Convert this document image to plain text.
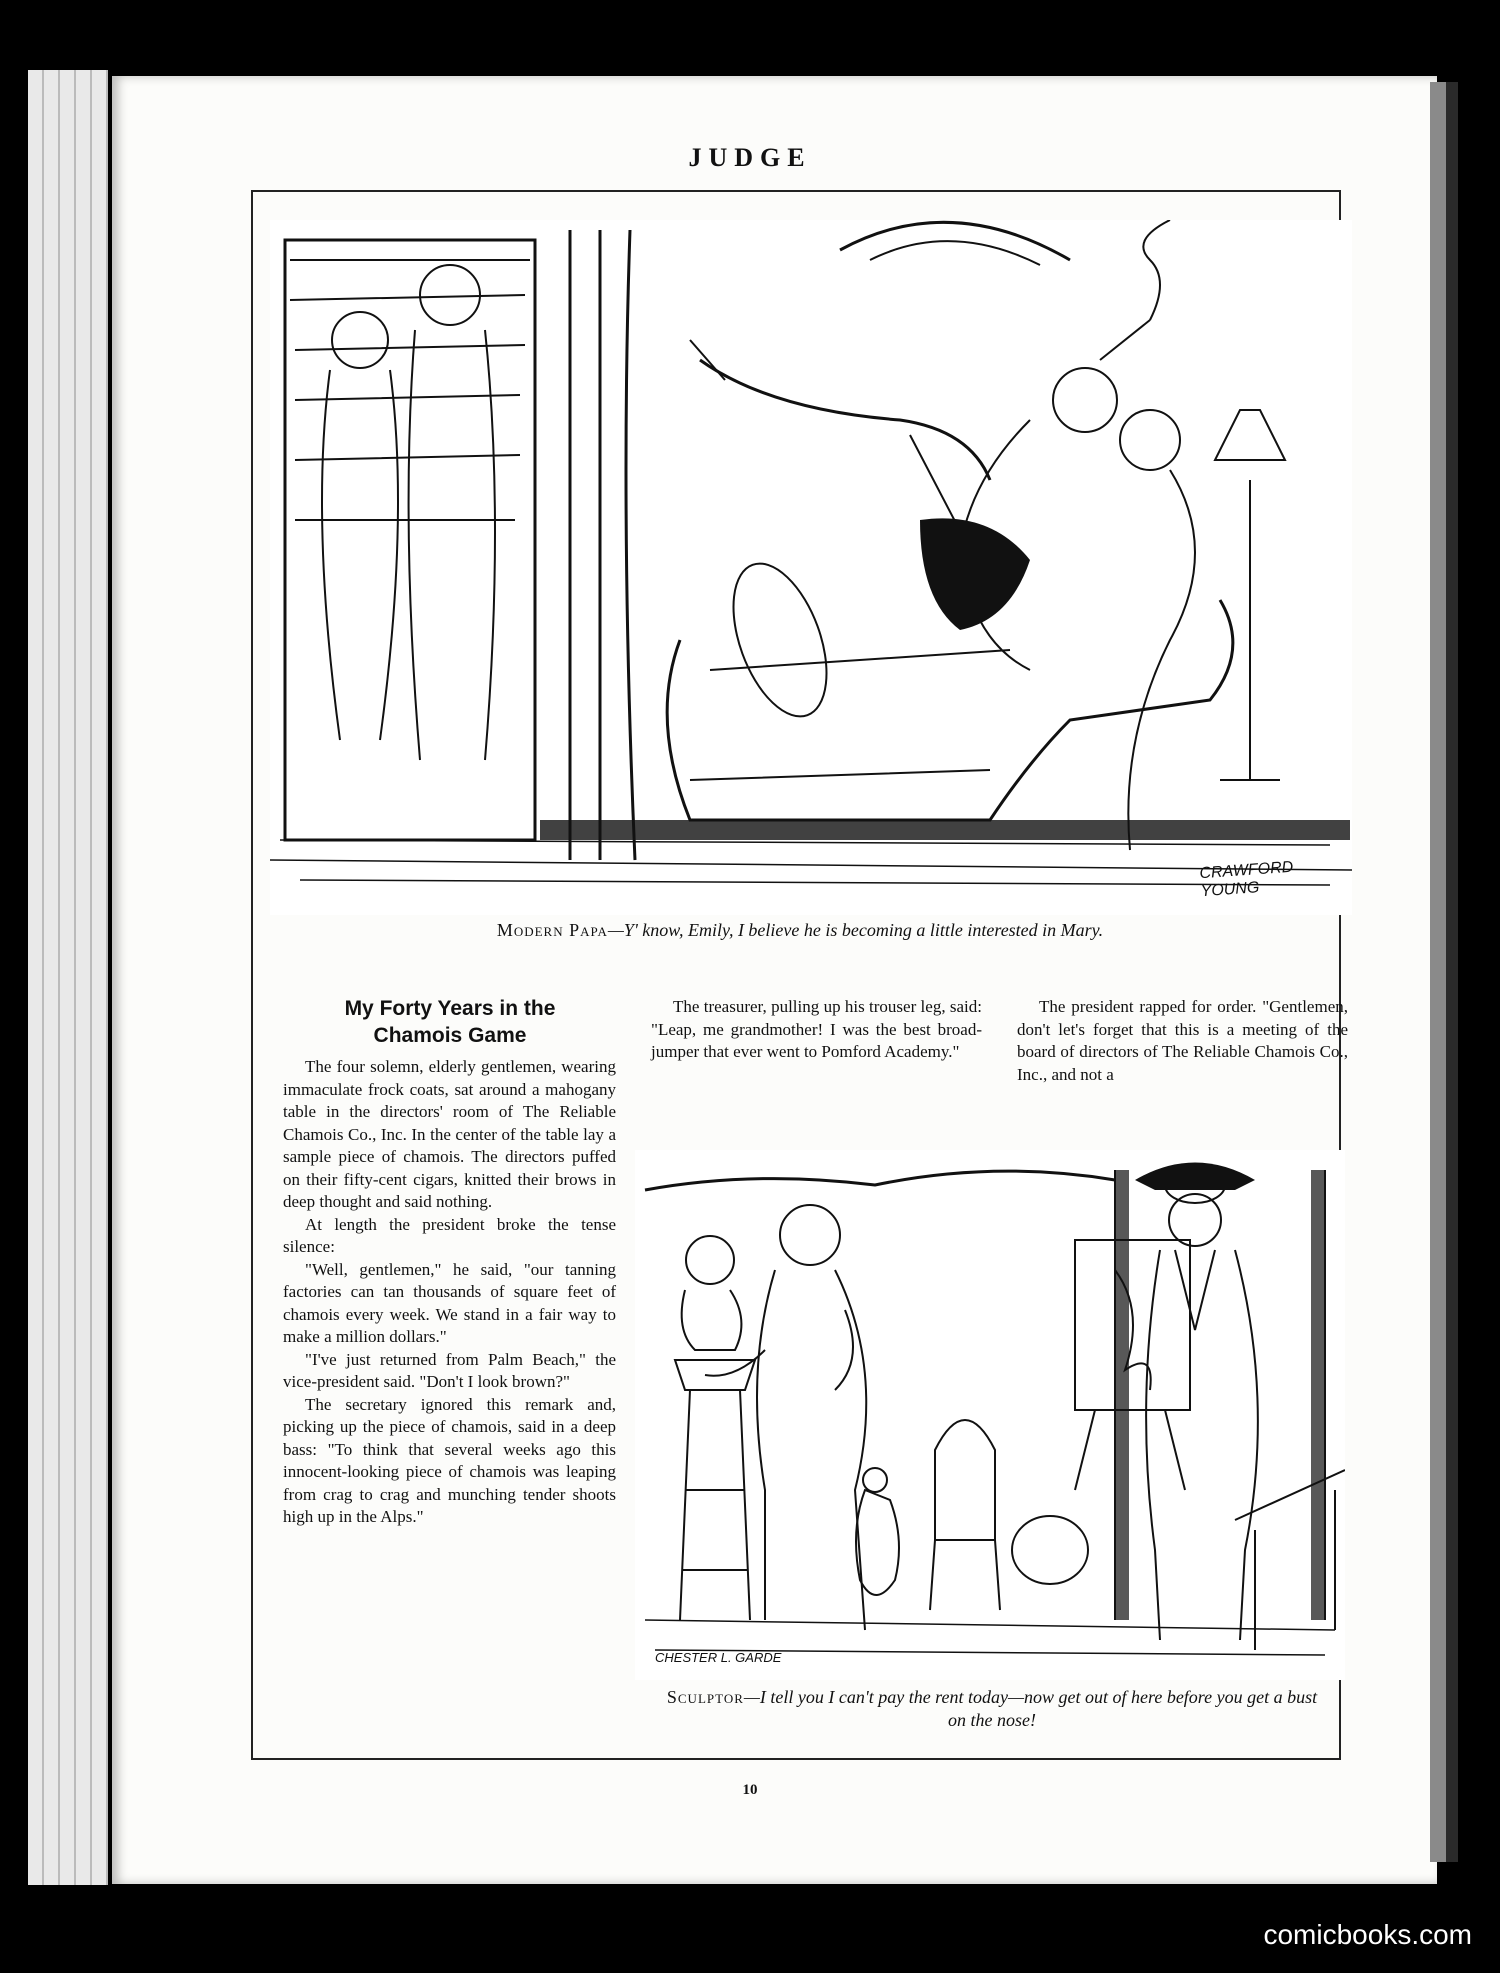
JUDGE
CRAWFORD YOUNG
Modern Papa—Y' know, Emily, I believe he is becoming a little interested in Mary.
My Forty Years in the Chamois Game

The four solemn, elderly gentlemen, wearing immaculate frock coats, sat around a mahogany table in the directors' room of The Reliable Chamois Co., Inc. In the center of the table lay a sample piece of chamois. The directors puffed on their fifty-cent cigars, knitted their brows in deep thought and said nothing.

At length the president broke the tense silence:

"Well, gentlemen," he said, "our tanning factories can tan thousands of square feet of chamois every week. We stand in a fair way to make a million dollars."

"I've just returned from Palm Beach," the vice-president said. "Don't I look brown?"

The secretary ignored this remark and, picking up the piece of chamois, said in a deep bass: "To think that several weeks ago this innocent-looking piece of chamois was leaping from crag to crag and munching tender shoots high up in the Alps."

The treasurer, pulling up his trouser leg, said: "Leap, me grandmother! I was the best broad-jumper that ever went to Pomford Academy."

The president rapped for order. "Gentlemen, don't let's forget that this is a meeting of the board of directors of The Reliable Chamois Co., Inc., and not a

CHESTER L. GARDE
Sculptor—I tell you I can't pay the rent today—now get out of here before you get a bust on the nose!
10
comicbooks.com
